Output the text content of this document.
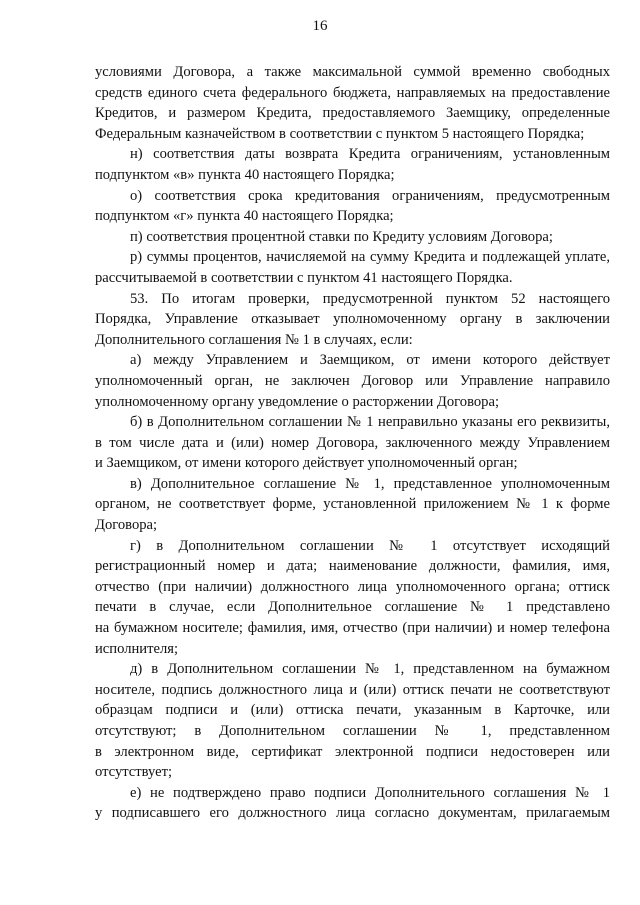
16
условиями Договора, а также максимальной суммой временно свободных
средств единого счета федерального бюджета, направляемых на предоставление
Кредитов, и размером Кредита, предоставляемого Заемщику, определенные
Федеральным казначейством в соответствии с пунктом 5 настоящего Порядка;
н) соответствия даты возврата Кредита ограничениям, установленным
подпунктом «в» пункта 40 настоящего Порядка;
о) соответствия срока кредитования ограничениям, предусмотренным
подпунктом «г» пункта 40 настоящего Порядка;
п) соответствия процентной ставки по Кредиту условиям Договора;
р) суммы процентов, начисляемой на сумму Кредита и подлежащей уплате,
рассчитываемой в соответствии с пунктом 41 настоящего Порядка.
53. По итогам проверки, предусмотренной пунктом 52 настоящего
Порядка, Управление отказывает уполномоченному органу в заключении
Дополнительного соглашения № 1 в случаях, если:
а) между Управлением и Заемщиком, от имени которого действует
уполномоченный орган, не заключен Договор или Управление направило
уполномоченному органу уведомление о расторжении Договора;
б) в Дополнительном соглашении № 1 неправильно указаны его реквизиты,
в том числе дата и (или) номер Договора, заключенного между Управлением
и Заемщиком, от имени которого действует уполномоченный орган;
в) Дополнительное соглашение № 1, представленное уполномоченным
органом, не соответствует форме, установленной приложением № 1 к форме
Договора;
г) в Дополнительном соглашении № 1 отсутствует исходящий
регистрационный номер и дата; наименование должности, фамилия, имя,
отчество (при наличии) должностного лица уполномоченного органа; оттиск
печати в случае, если Дополнительное соглашение № 1 представлено
на бумажном носителе; фамилия, имя, отчество (при наличии) и номер телефона
исполнителя;
д) в Дополнительном соглашении № 1, представленном на бумажном
носителе, подпись должностного лица и (или) оттиск печати не соответствуют
образцам подписи и (или) оттиска печати, указанным в Карточке, или
отсутствуют; в Дополнительном соглашении № 1, представленном
в электронном виде, сертификат электронной подписи недостоверен или
отсутствует;
е) не подтверждено право подписи Дополнительного соглашения № 1
у подписавшего его должностного лица согласно документам, прилагаемым
